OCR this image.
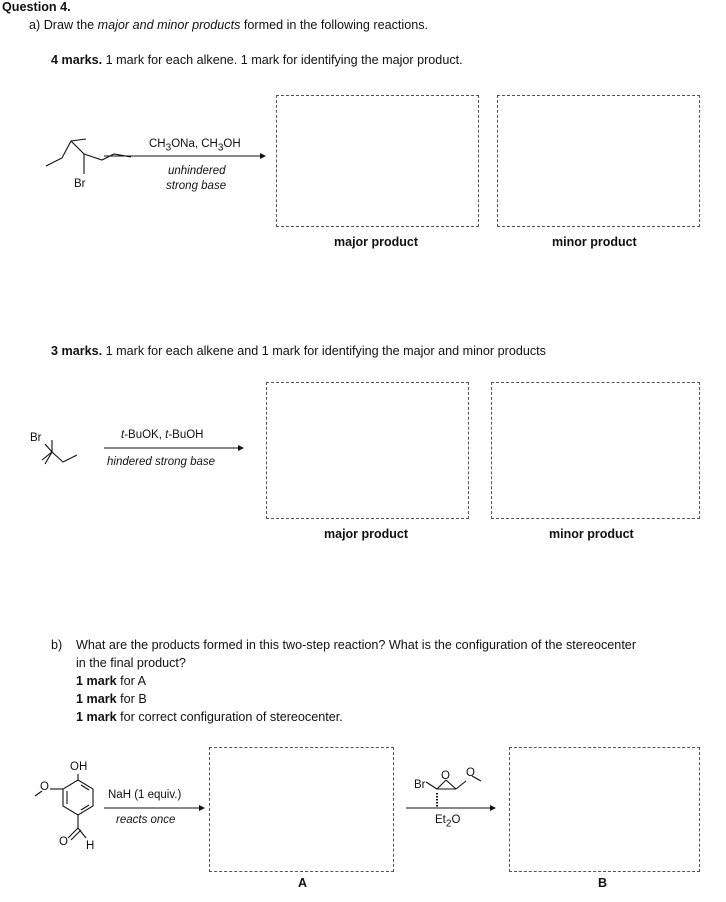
Question 4.
a) Draw the major and minor products formed in the following reactions.
4 marks. 1 mark for each alkene. 1 mark for identifying the major product.
Br
$CH_3ONa$, $CH_3OH$
unhindered
strong base
major product	minor product
3 marks. 1 mark for each alkene and 1 mark for identifying the major and minor products
Br	t-BuOK, t-BuOH
hindered strong base
major product	minor product
b) What are the products formed in this two-step reaction? What is the configuration of the stereocenter
in the final product?
1 mark for A
1 mark for B
1 mark for correct configuration of stereocenter.
OH
O
O H
NaH (1 equiv.)
reacts once
A
Br
O O
$Et_2O$
B
